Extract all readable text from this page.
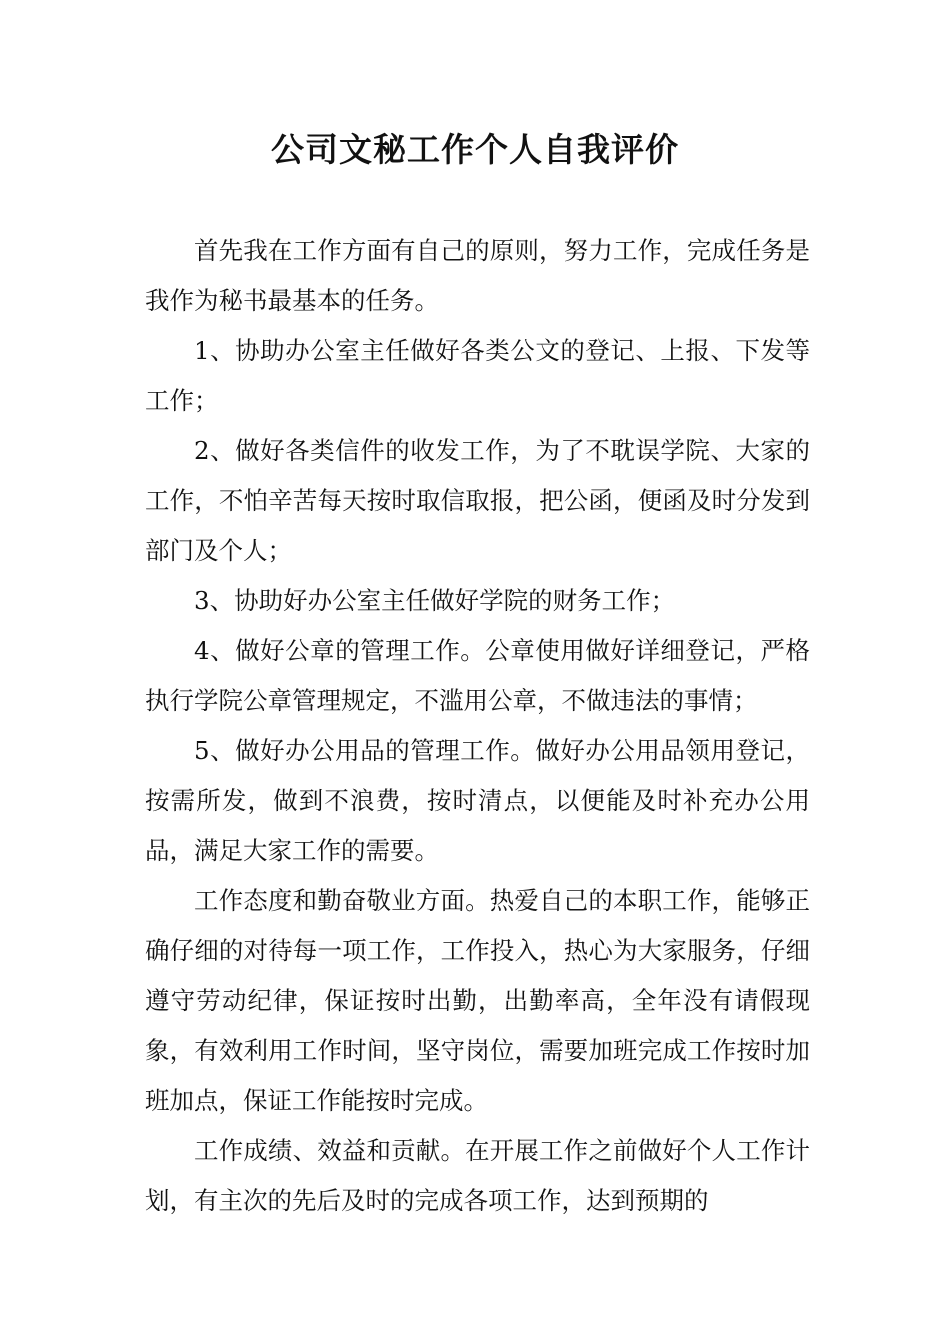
公司文秘工作个人自我评价

首先我在工作方面有自己的原则，努力工作，完成任务是我作为秘书最基本的任务。

1、协助办公室主任做好各类公文的登记、上报、下发等工作；

2、做好各类信件的收发工作，为了不耽误学院、大家的工作，不怕辛苦每天按时取信取报，把公函，便函及时分发到部门及个人；

3、协助好办公室主任做好学院的财务工作；

4、做好公章的管理工作。公章使用做好详细登记，严格执行学院公章管理规定，不滥用公章，不做违法的事情；

5、做好办公用品的管理工作。做好办公用品领用登记，按需所发，做到不浪费，按时清点，以便能及时补充办公用品，满足大家工作的需要。

工作态度和勤奋敬业方面。热爱自己的本职工作，能够正确仔细的对待每一项工作，工作投入，热心为大家服务，仔细遵守劳动纪律，保证按时出勤，出勤率高，全年没有请假现象，有效利用工作时间，坚守岗位，需要加班完成工作按时加班加点，保证工作能按时完成。

工作成绩、效益和贡献。在开展工作之前做好个人工作计划，有主次的先后及时的完成各项工作，达到预期的
